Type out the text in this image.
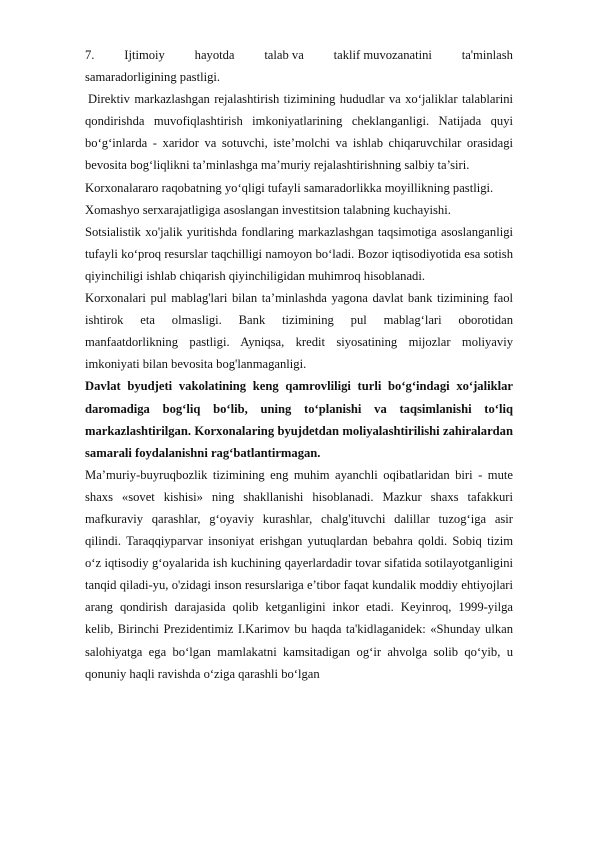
7. Ijtimoiy hayotda talab va taklif muvozanatini ta'minlash

samaradorligining pastligi.

Direktiv markazlashgan rejalashtirish tizimining hududlar va xo‘jaliklar talablarini qondirishda muvofiqlashtirish imkoniyatlarining cheklanganligi. Natijada quyi bo‘g‘inlarda - xaridor va sotuvchi, iste’molchi va ishlab chiqaruvchilar orasidagi bevosita bog‘liqlikni ta’minlashga ma’muriy rejalashtirishning salbiy ta’siri.

Korxonalararo raqobatning yo‘qligi tufayli samaradorlikka moyillikning pastligi.

Xomashyo serxarajatligiga asoslangan investitsion talabning kuchayishi.

Sotsialistik xo'jalik yuritishda fondlaring markazlashgan taqsimotiga asoslanganligi tufayli ko‘proq resurslar taqchilligi namoyon bo‘ladi. Bozor iqtisodiyotida esa sotish qiyinchiligi ishlab chiqarish qiyinchiligidan muhimroq hisoblanadi.

Korxonalari pul mablag'lari bilan ta’minlashda yagona davlat bank tizimining faol ishtirok eta olmasligi. Bank tizimining pul mablag‘lari oborotidan manfaatdorlikning pastligi. Ayniqsa, kredit siyosatining mijozlar moliyaviy imkoniyati bilan bevosita bog'lanmaganligi.

Davlat byudjeti vakolatining keng qamrovliligi turli bo‘g‘indagi xo‘jaliklar daromadiga bog‘liq bo‘lib, uning to‘planishi va taqsimlanishi to‘liq markazlashtirilgan. Korxonalaring byujdetdan moliyalashtirilishi zahiralardan samarali foydalanishni rag‘batlantirmagan.

Ma’muriy-buyruqbozlik tizimining eng muhim ayanchli oqibatlaridan biri - mute shaxs «sovet kishisi» ning shakllanishi hisoblanadi. Mazkur shaxs tafakkuri mafkuraviy qarashlar, g‘oyaviy kurashlar, chalg'ituvchi dalillar tuzog‘iga asir qilindi. Taraqqiyparvar insoniyat erishgan yutuqlardan bebahra qoldi. Sobiq tizim o‘z iqtisodiy g‘oyalarida ish kuchining qayerlardadir tovar sifatida sotilayotganligini tanqid qiladi-yu, o'zidagi inson resurslariga e’tibor faqat kundalik moddiy ehtiyojlari arang qondirish darajasida qolib ketganligini inkor etadi. Keyinroq, 1999-yilga kelib, Birinchi Prezidentimiz I.Karimov bu haqda ta'kidlaganidek: «Shunday ulkan salohiyatga ega bo‘lgan mamlakatni kamsitadigan og‘ir ahvolga solib qo‘yib, u qonuniy haqli ravishda o‘ziga qarashli bo‘lgan
